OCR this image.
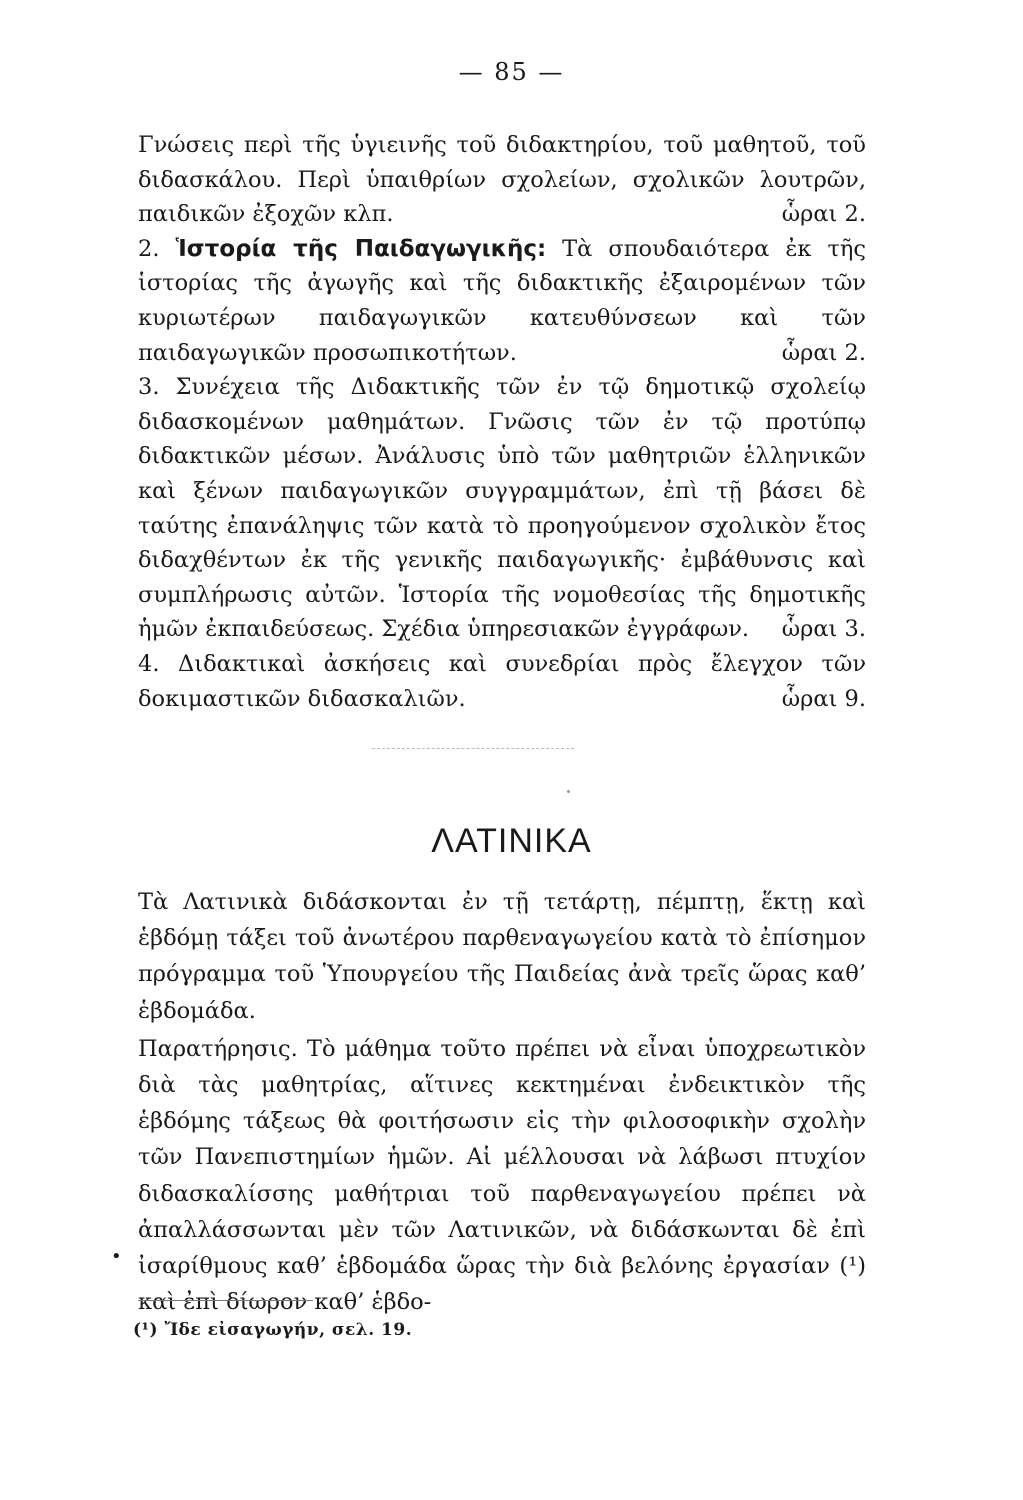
— 85 —

Γνώσεις περὶ τῆς ὑγιεινῆς τοῦ διδακτηρίου, τοῦ μαθητοῦ, τοῦ διδασκάλου. Περὶ ὑπαιθρίων σχολείων, σχολικῶν λουτρῶν, παιδικῶν ἐξοχῶν κλπ.	ὧραι 2.

2. Ἱστορία τῆς Παιδαγωγικῆς: Τὰ σπουδαιότερα ἐκ τῆς ἱστορίας τῆς ἀγωγῆς καὶ τῆς διδακτικῆς ἐξαιρομένων τῶν κυριωτέρων παιδαγωγικῶν κατευθύνσεων καὶ τῶν παιδαγωγικῶν προσωπικοτήτων.	ὧραι 2.

3. Συνέχεια τῆς Διδακτικῆς τῶν ἐν τῷ δημοτικῷ σχολείῳ διδασκομένων μαθημάτων. Γνῶσις τῶν ἐν τῷ προτύπῳ διδακτικῶν μέσων. Ἀνάλυσις ὑπὸ τῶν μαθητριῶν ἑλληνικῶν καὶ ξένων παιδαγωγικῶν συγγραμμάτων, ἐπὶ τῇ βάσει δὲ ταύτης ἐπανάληψις τῶν κατὰ τὸ προηγούμενον σχολικὸν ἔτος διδαχθέντων ἐκ τῆς γενικῆς παιδαγωγικῆς· ἐμβάθυνσις καὶ συμπλήρωσις αὐτῶν. Ἱστορία τῆς νομοθεσίας τῆς δημοτικῆς ἡμῶν ἐκπαιδεύσεως. Σχέδια ὑπηρεσιακῶν ἐγγράφων. ὧραι 3.

4. Διδακτικαὶ ἀσκήσεις καὶ συνεδρίαι πρὸς ἔλεγχον τῶν δοκιμαστικῶν διδασκαλιῶν.	ὧραι 9.

ΛΑΤΙΝΙΚΑ

Τὰ Λατινικὰ διδάσκονται ἐν τῇ τετάρτῃ, πέμπτῃ, ἕκτῃ καὶ ἑβδόμῃ τάξει τοῦ ἀνωτέρου παρθεναγωγείου κατὰ τὸ ἐπίσημον πρόγραμμα τοῦ Ὑπουργείου τῆς Παιδείας ἀνὰ τρεῖς ὥρας καθ’ ἑβδομάδα.

Παρατήρησις. Τὸ μάθημα τοῦτο πρέπει νὰ εἶναι ὑποχρεωτικὸν διὰ τὰς μαθητρίας, αἵτινες κεκτημέναι ἐνδεικτικὸν τῆς ἑβδόμης τάξεως θὰ φοιτήσωσιν εἰς τὴν φιλοσοφικὴν σχολὴν τῶν Πανεπιστημίων ἡμῶν. Αἱ μέλλουσαι νὰ λάβωσι πτυχίον διδασκαλίσσης μαθήτριαι τοῦ παρθεναγωγείου πρέπει νὰ ἀπαλλάσσωνται μὲν τῶν Λατινικῶν, νὰ διδάσκωνται δὲ ἐπὶ ἰσαρίθμους καθ’ ἑβδομάδα ὥρας τὴν διὰ βελόνης ἐργασίαν (¹) καὶ ἐπὶ δίωρον καθ’ ἑβδο-

•
(¹) Ἴδε εἰσαγωγήν, σελ. 19.
